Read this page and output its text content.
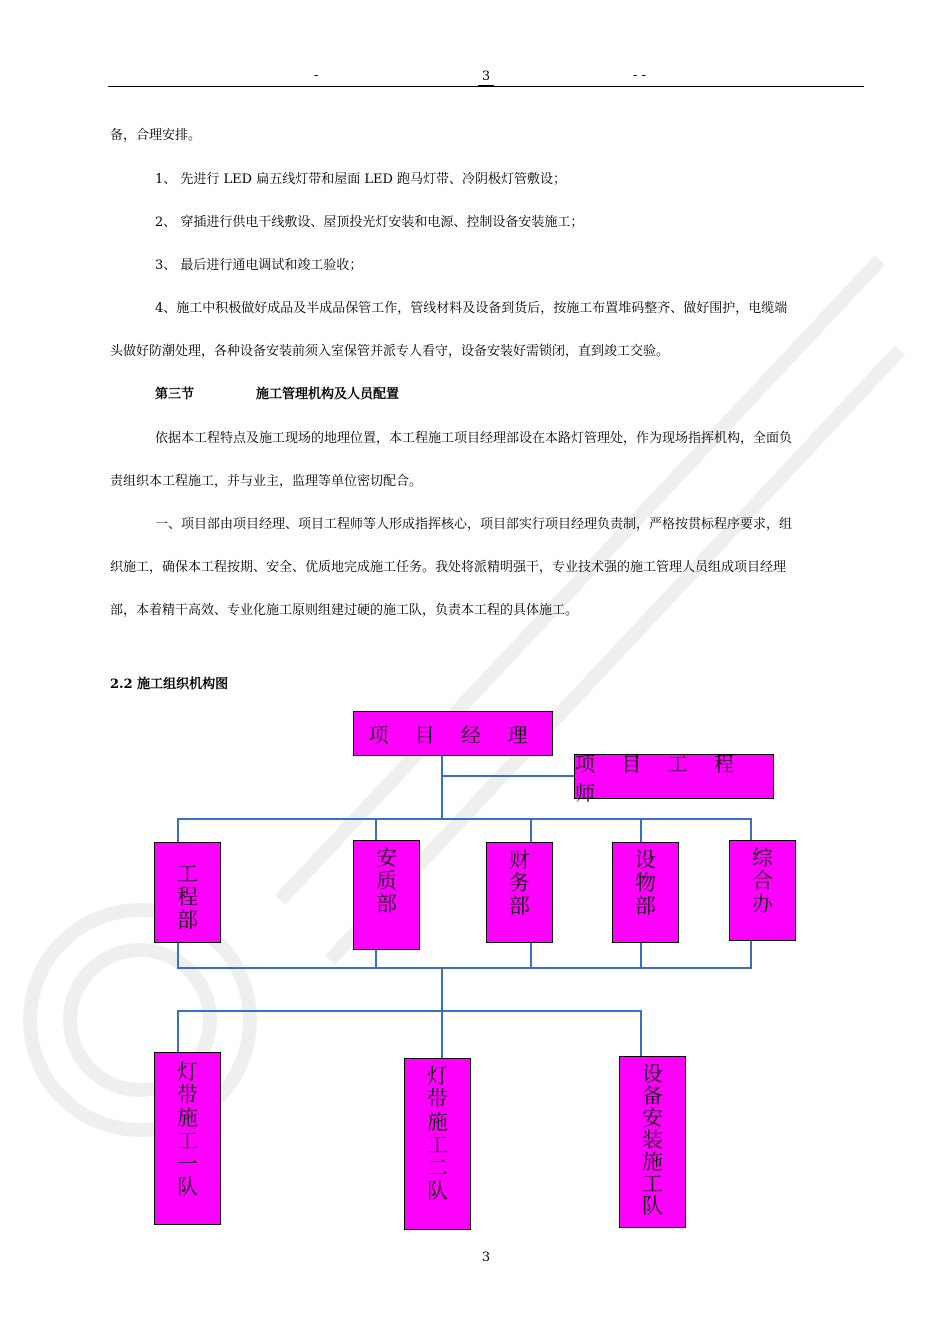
-	3	- -
备，合理安排。
1、 先进行 LED 扁五线灯带和屋面 LED 跑马灯带、冷阴极灯管敷设；
2、 穿插进行供电干线敷设、屋顶投光灯安装和电源、控制设备安装施工；
3、 最后进行通电调试和竣工验收；
4、施工中积极做好成品及半成品保管工作，管线材料及设备到货后，按施工布置堆码整齐、做好围护，电缆端
头做好防潮处理，各种设备安装前须入室保管并派专人看守，设备安装好需锁闭，直到竣工交验。
第三节	施工管理机构及人员配置
依据本工程特点及施工现场的地理位置，本工程施工项目经理部设在本路灯管理处，作为现场指挥机构，全面负
责组织本工程施工，并与业主，监理等单位密切配合。
一、项目部由项目经理、项目工程师等人形成指挥核心，项目部实行项目经理负责制，严格按贯标程序要求，组
织施工，确保本工程按期、安全、优质地完成施工任务。我处将派精明强干，专业技术强的施工管理人员组成项目经理
部，本着精干高效、专业化施工原则组建过硬的施工队，负责本工程的具体施工。
2.2 施工组织机构图
项 目 经 理
项 目 工 程 师
工
程
部
安
质
部
财
务
部
设
物
部
综
合
办
灯
带
施
工
一
队
灯
带
施
工
二
队
设
备
安
装
施
工
队
3
